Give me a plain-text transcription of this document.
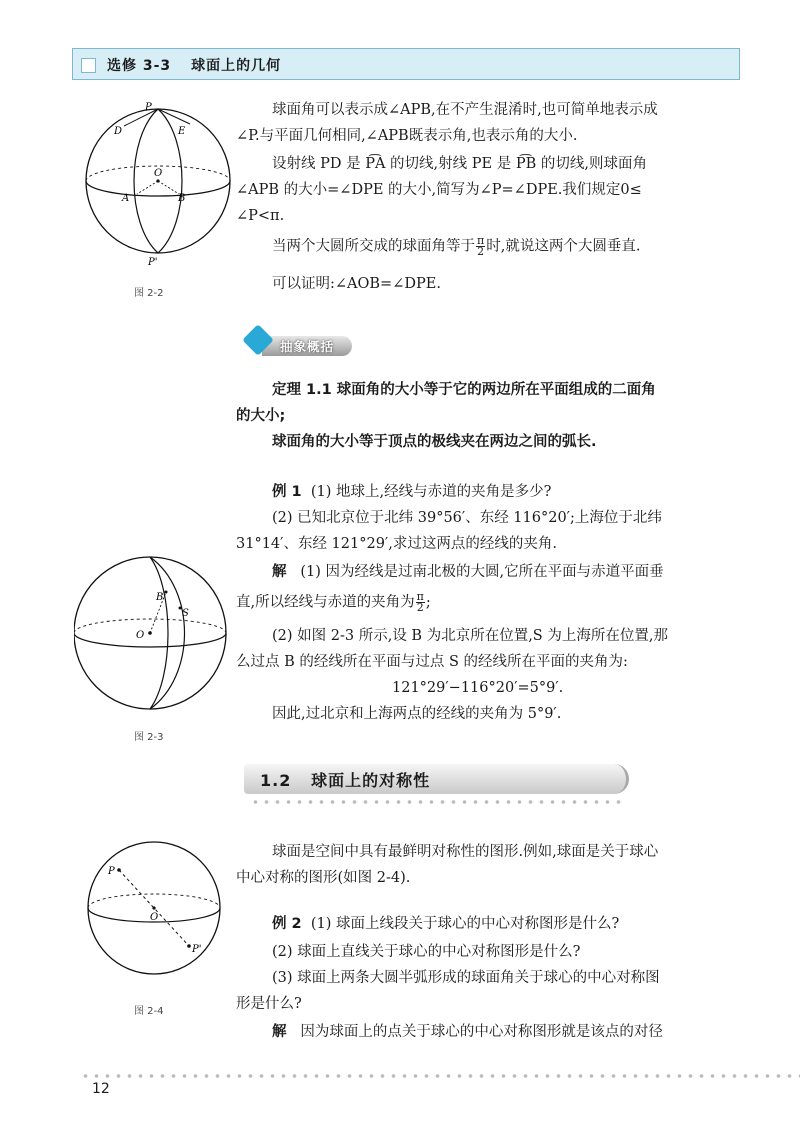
选修 3-3 球面上的几何
P
D	E
O
A	B
P'
图 2-2
球面角可以表示成∠APB,在不产生混淆时,也可简单地表示成
∠P.与平面几何相同,∠APB既表示角,也表示角的大小.
设射线 PD 是 P͡A 的切线,射线 PE 是 P͡B 的切线,则球面角
∠APB 的大小=∠DPE 的大小,简写为∠P=∠DPE.我们规定0≤
∠P<π.
当两个大圆所交成的球面角等于 $\frac{\pi}{2}$ 时,就说这两个大圆垂直.
可以证明:∠AOB=∠DPE.
抽象概括
定理 1.1 球面角的大小等于它的两边所在平面组成的二面角
的大小;
球面角的大小等于顶点的极线夹在两边之间的弧长.
例 1 (1) 地球上,经线与赤道的夹角是多少?
(2) 已知北京位于北纬 39°56′、东经 116°20′;上海位于北纬
31°14′、东经 121°29′,求过这两点的经线的夹角.
解 (1) 因为经线是过南北极的大圆,它所在平面与赤道平面垂
直,所以经线与赤道的夹角为 $\frac{\pi}{2}$ ;
(2) 如图 2-3 所示,设 B 为北京所在位置,S 为上海所在位置,那
么过点 B 的经线所在平面与过点 S 的经线所在平面的夹角为:
121°29′−116°20′=5°9′.
因此,过北京和上海两点的经线的夹角为 5°9′.
B
S
O
图 2-3
1.2 球面上的对称性
球面是空间中具有最鲜明对称性的图形.例如,球面是关于球心
中心对称的图形(如图 2-4).
例 2 (1) 球面上线段关于球心的中心对称图形是什么?
(2) 球面上直线关于球心的中心对称图形是什么?
(3) 球面上两条大圆半弧形成的球面角关于球心的中心对称图
形是什么?
解 因为球面上的点关于球心的中心对称图形就是该点的对径
P
O
P'
图 2-4
12
